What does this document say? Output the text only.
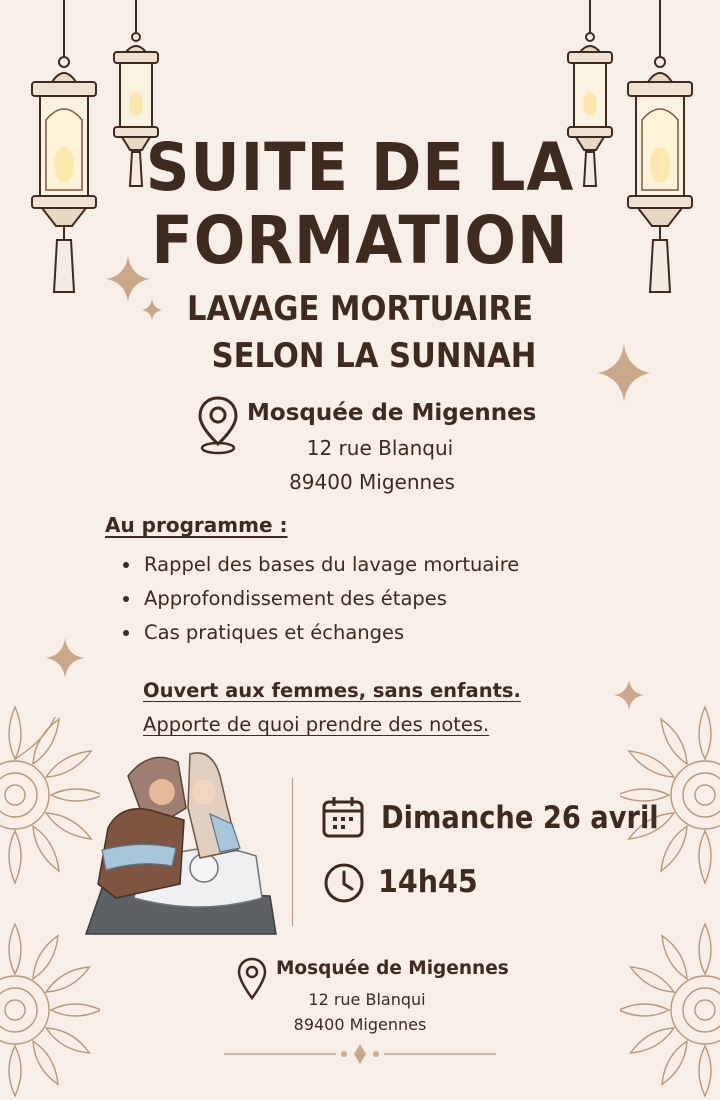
SUITE DE LA
FORMATION
LAVAGE MORTUAIRE
SELON LA SUNNAH
Mosquée de Migennes
12 rue Blanqui
89400 Migennes
Au programme :
• Rappel des bases du lavage mortuaire
• Approfondissement des étapes
• Cas pratiques et échanges
Ouvert aux femmes, sans enfants.
Apporte de quoi prendre des notes.
Dimanche 26 avril
14h45
Mosquée de Migennes
12 rue Blanqui
89400 Migennes
